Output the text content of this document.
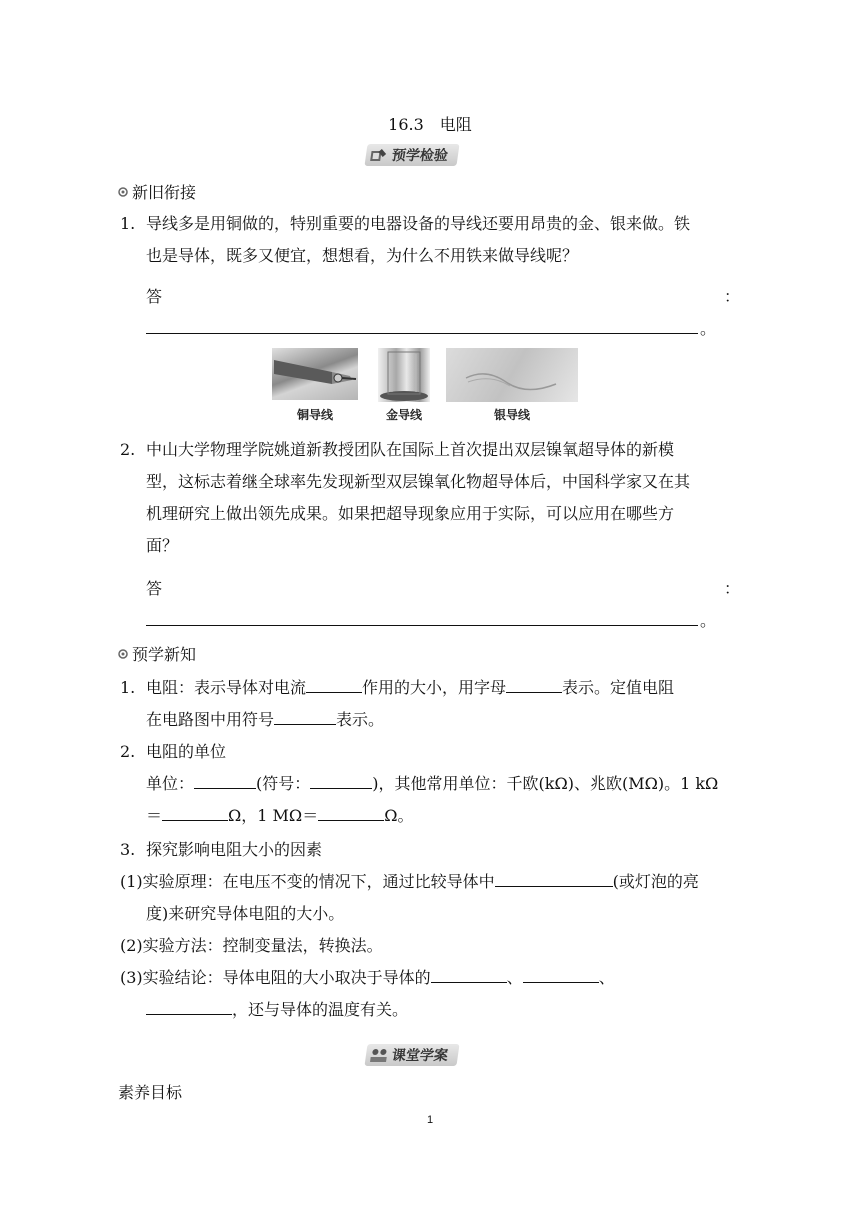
16.3　电阻
预学检验
新旧衔接
1. 导线多是用铜做的，特别重要的电器设备的导线还要用昂贵的金、银来做。铁
也是导体，既多又便宜，想想看，为什么不用铁来做导线呢？
答	：
。
铜导线	金导线	银导线
2. 中山大学物理学院姚道新教授团队在国际上首次提出双层镍氧超导体的新模
型，这标志着继全球率先发现新型双层镍氧化物超导体后，中国科学家又在其
机理研究上做出领先成果。如果把超导现象应用于实际，可以应用在哪些方
面？
答	：
。
预学新知
1. 电阻：表示导体对电流	作用的大小，用字母	表示。定值电阻
在电路图中用符号	表示。
2. 电阻的单位
单位：	(符号：	)，其他常用单位：千欧(kΩ)、兆欧(MΩ)。1 kΩ
＝	Ω，1 MΩ＝	Ω。
3. 探究影响电阻大小的因素
(1)实验原理：在电压不变的情况下，通过比较导体中	(或灯泡的亮
度)来研究导体电阻的大小。
(2)实验方法：控制变量法，转换法。
(3)实验结论：导体电阻的大小取决于导体的	、	、
，还与导体的温度有关。
课堂学案
素养目标
1
